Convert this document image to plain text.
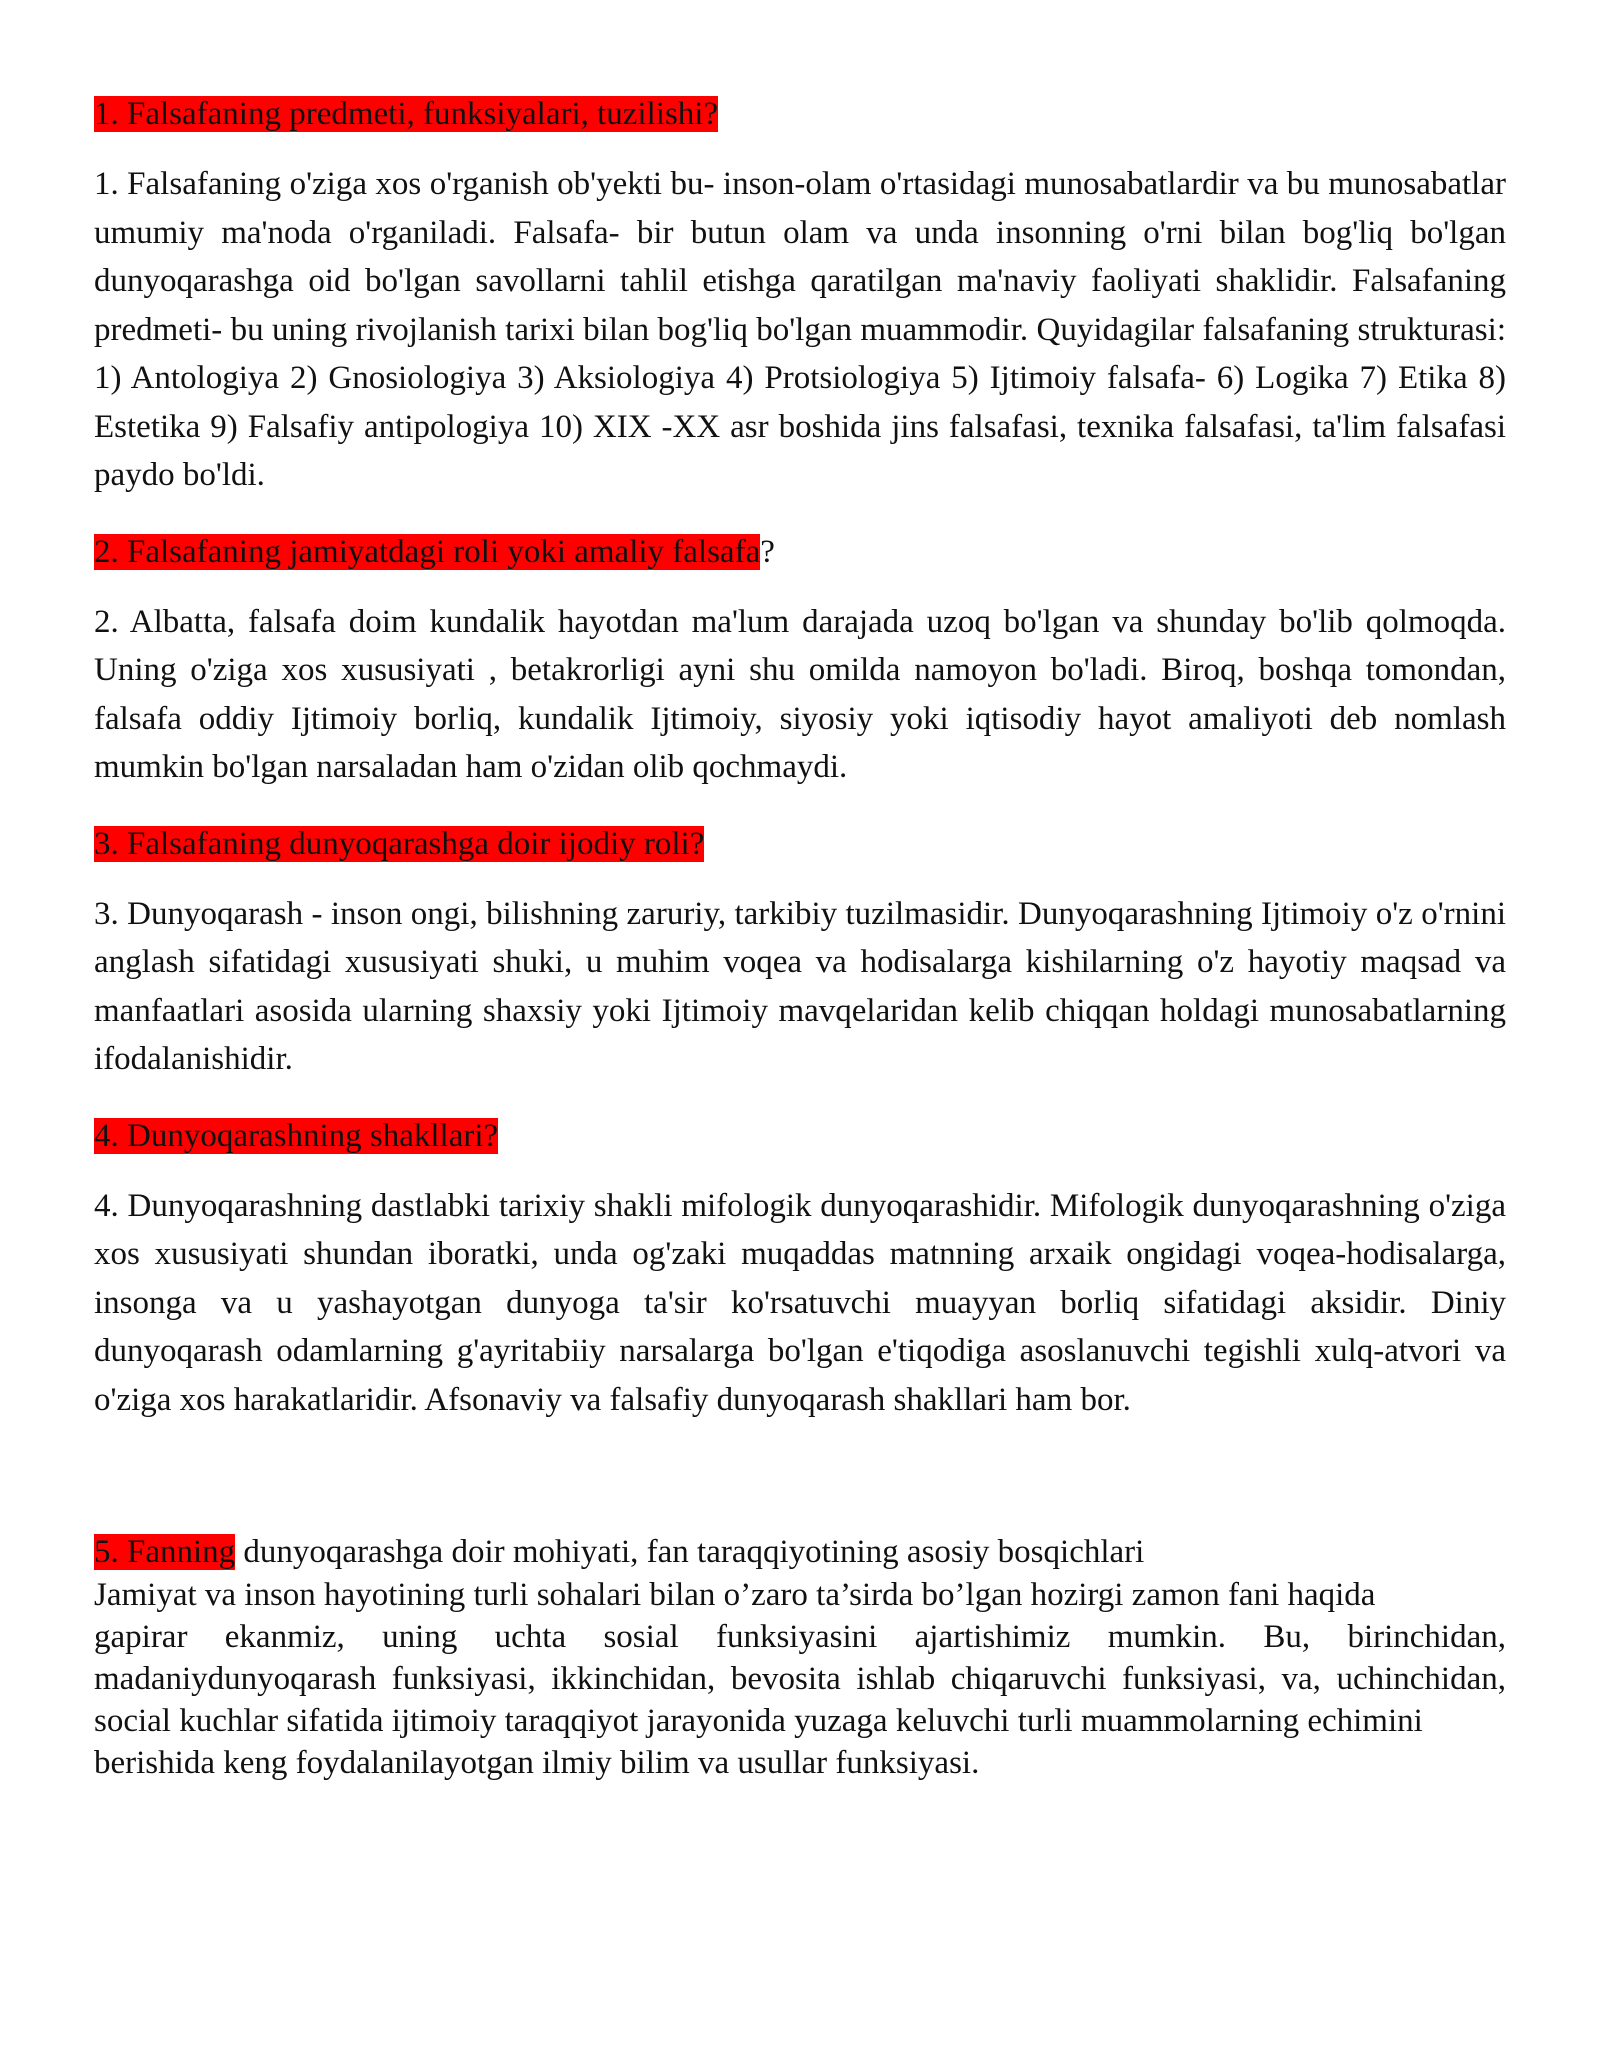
1. Falsafaning predmeti, funksiyalari, tuzilishi?

1. Falsafaning o'ziga xos o'rganish ob'yekti bu- inson-olam o'rtasidagi munosabatlardir va bu munosabatlar umumiy ma'noda o'rganiladi. Falsafa- bir butun olam va unda insonning o'rni bilan bog'liq bo'lgan dunyoqarashga oid bo'lgan savollarni tahlil etishga qaratilgan ma'naviy faoliyati shaklidir. Falsafaning predmeti- bu uning rivojlanish tarixi bilan bog'liq bo'lgan muammodir. Quyidagilar falsafaning strukturasi: 1) Antologiya 2) Gnosiologiya 3) Aksiologiya 4) Protsiologiya 5) Ijtimoiy falsafa- 6) Logika 7) Etika 8) Estetika 9) Falsafiy antipologiya 10) XIX -XX asr boshida jins falsafasi, texnika falsafasi, ta'lim falsafasi paydo bo'ldi.

2. Falsafaning jamiyatdagi roli yoki amaliy falsafa?

2. Albatta, falsafa doim kundalik hayotdan ma'lum darajada uzoq bo'lgan va shunday bo'lib qolmoqda. Uning o'ziga xos xususiyati , betakrorligi ayni shu omilda namoyon bo'ladi. Biroq, boshqa tomondan, falsafa oddiy Ijtimoiy borliq, kundalik Ijtimoiy, siyosiy yoki iqtisodiy hayot amaliyoti deb nomlash mumkin bo'lgan narsaladan ham o'zidan olib qochmaydi.

3. Falsafaning dunyoqarashga doir ijodiy roli?

3. Dunyoqarash - inson ongi, bilishning zaruriy, tarkibiy tuzilmasidir. Dunyoqarashning Ijtimoiy o'z o'rnini anglash sifatidagi xususiyati shuki, u muhim voqea va hodisalarga kishilarning o'z hayotiy maqsad va manfaatlari asosida ularning shaxsiy yoki Ijtimoiy mavqelaridan kelib chiqqan holdagi munosabatlarning ifodalanishidir.

4. Dunyoqarashning shakllari?

4. Dunyoqarashning dastlabki tarixiy shakli mifologik dunyoqarashidir. Mifologik dunyoqarashning o'ziga xos xususiyati shundan iboratki, unda og'zaki muqaddas matnning arxaik ongidagi voqea-hodisalarga, insonga va u yashayotgan dunyoga ta'sir ko'rsatuvchi muayyan borliq sifatidagi aksidir. Diniy dunyoqarash odamlarning g'ayritabiiy narsalarga bo'lgan e'tiqodiga asoslanuvchi tegishli xulq-atvori va o'ziga xos harakatlaridir. Afsonaviy va falsafiy dunyoqarash shakllari ham bor.

5. Fanning dunyoqarashga doir mohiyati, fan taraqqiyotining asosiy bosqichlari

Jamiyat va inson hayotining turli sohalari bilan o’zaro ta’sirda bo’lgan hozirgi zamon fani haqida
gapirar ekanmiz, uning uchta sosial funksiyasini ajartishimiz mumkin. Bu, birinchidan, madaniydunyoqarash funksiyasi, ikkinchidan, bevosita ishlab chiqaruvchi funksiyasi, va, uchinchidan, social kuchlar sifatida ijtimoiy taraqqiyot jarayonida yuzaga keluvchi turli muammolarning echimini
berishida keng foydalanilayotgan ilmiy bilim va usullar funksiyasi.
